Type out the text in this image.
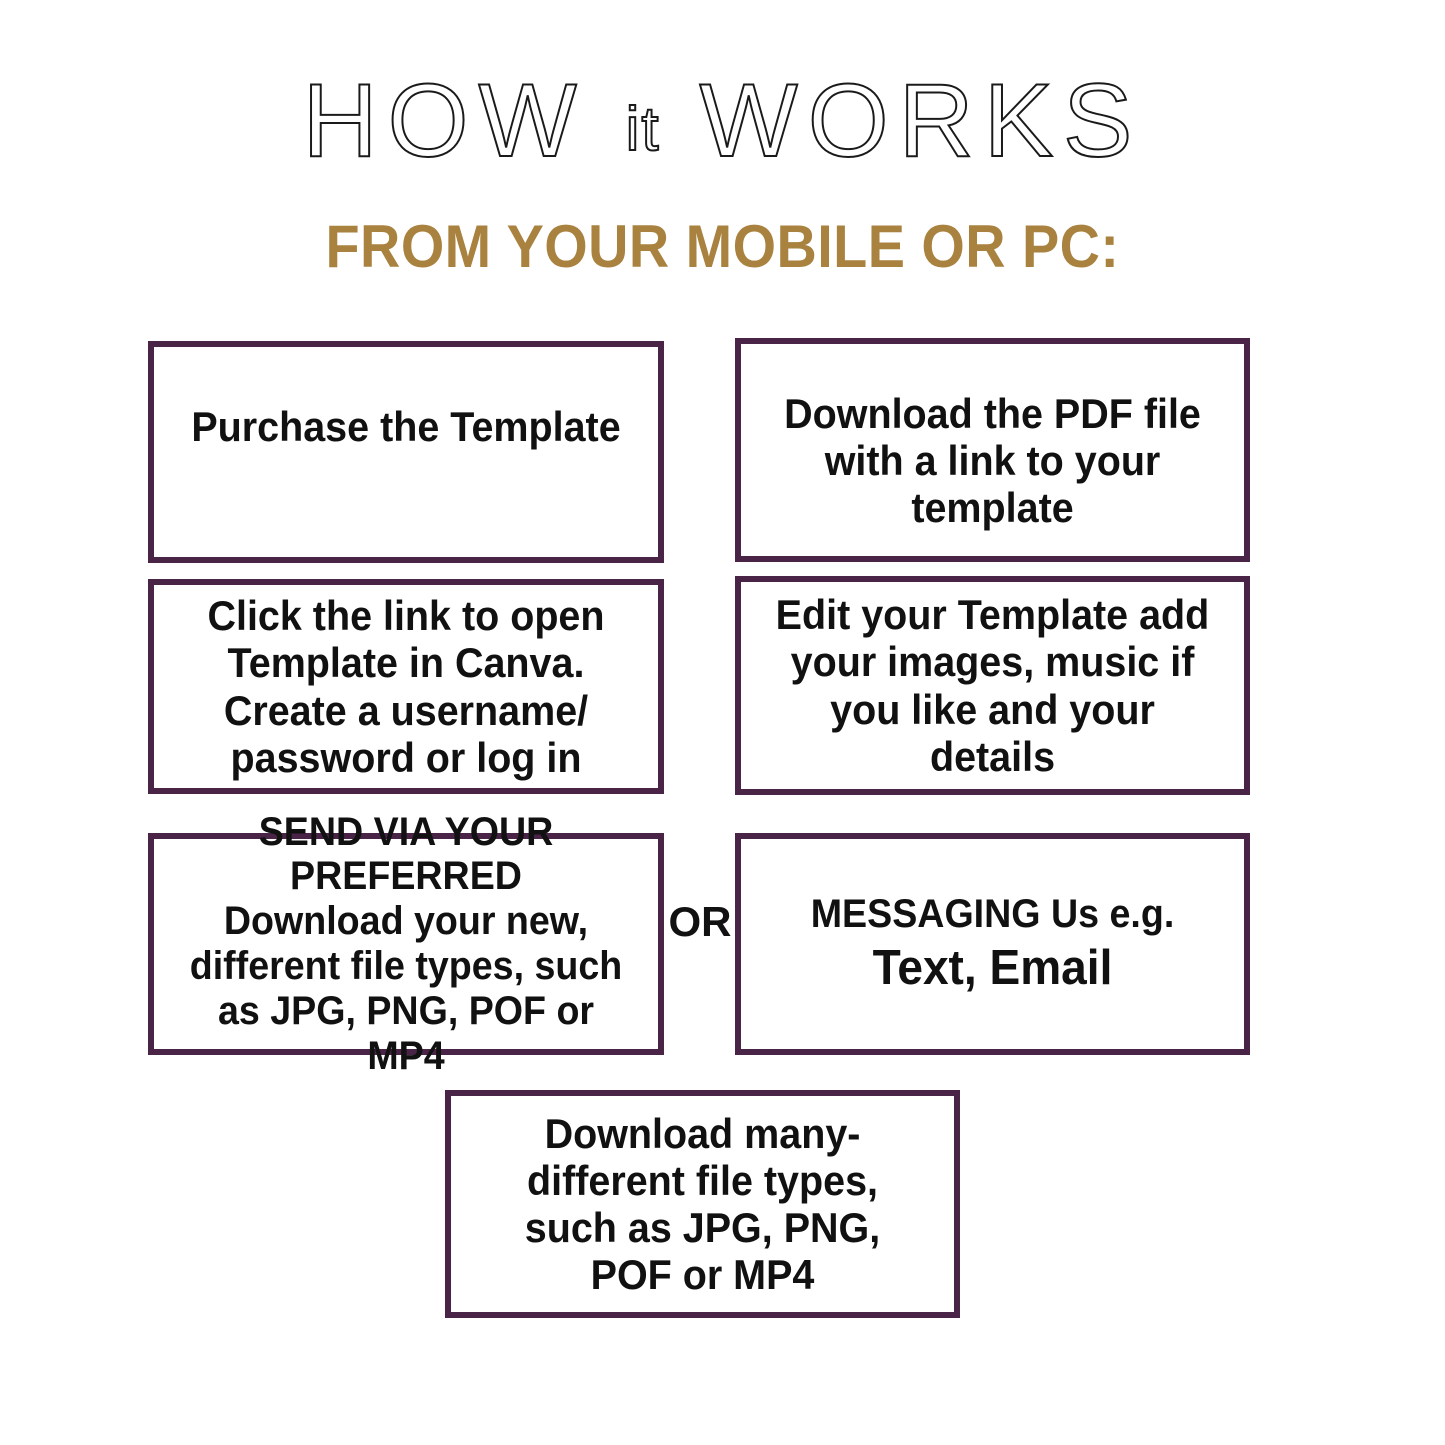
HOW it WORKS
FROM YOUR MOBILE OR PC:
Purchase the Template	Download the PDF file with a link to your template
Click the link to open Template in Canva. Create a username/ password or log in
Edit your Template add your images, music if you like and your details
SEND VIA YOUR PREFERRED
Download your new, different file types, such as JPG, PNG, POF or MP4
OR	MESSAGING Us e.g.
Text, Email
Download many-different file types, such as JPG, PNG, POF or MP4
